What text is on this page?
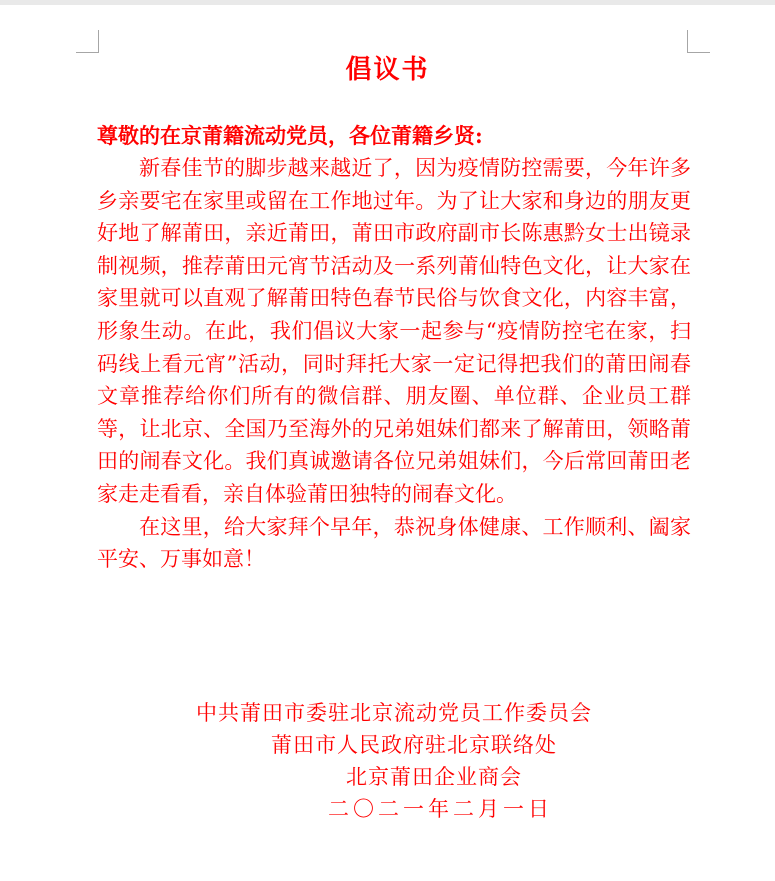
倡议书
尊敬的在京莆籍流动党员，各位莆籍乡贤:

新春佳节的脚步越来越近了，因为疫情防控需要，今年许多乡亲要宅在家里或留在工作地过年。为了让大家和身边的朋友更好地了解莆田，亲近莆田，莆田市政府副市长陈惠黔女士出镜录制视频，推荐莆田元宵节活动及一系列莆仙特色文化，让大家在家里就可以直观了解莆田特色春节民俗与饮食文化，内容丰富，形象生动。在此，我们倡议大家一起参与“疫情防控宅在家，扫码线上看元宵”活动，同时拜托大家一定记得把我们的莆田闹春文章推荐给你们所有的微信群、朋友圈、单位群、企业员工群等，让北京、全国乃至海外的兄弟姐妹们都来了解莆田，领略莆田的闹春文化。我们真诚邀请各位兄弟姐妹们，今后常回莆田老家走走看看，亲自体验莆田独特的闹春文化。

在这里，给大家拜个早年，恭祝身体健康、工作顺利、阖家平安、万事如意！

中共莆田市委驻北京流动党员工作委员会
莆田市人民政府驻北京联络处
北京莆田企业商会
二〇二一年二月一日
